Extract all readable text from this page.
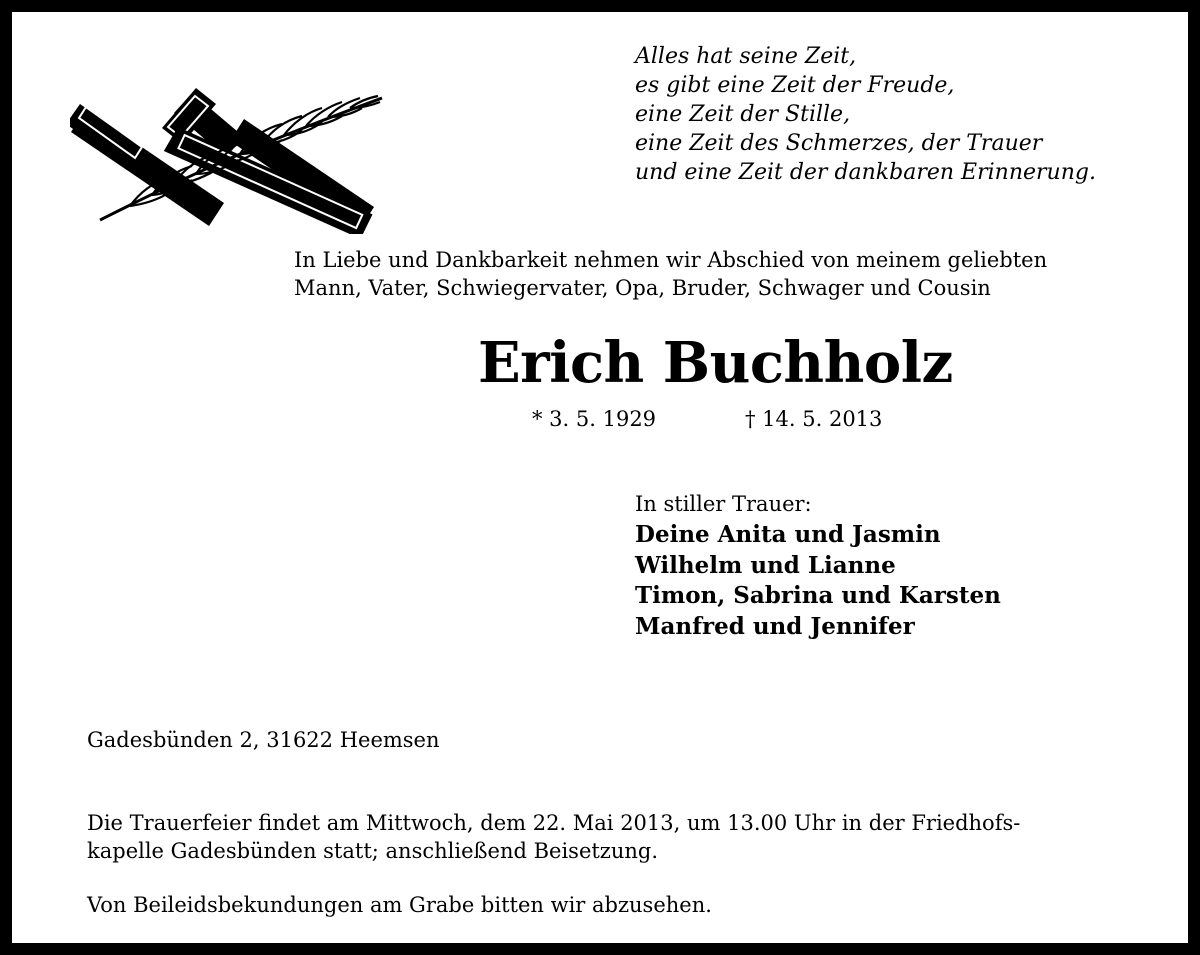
Alles hat seine Zeit,
es gibt eine Zeit der Freude,
eine Zeit der Stille,
eine Zeit des Schmerzes, der Trauer
und eine Zeit der dankbaren Erinnerung.
In Liebe und Dankbarkeit nehmen wir Abschied von meinem geliebten
Mann, Vater, Schwiegervater, Opa, Bruder, Schwager und Cousin
Erich Buchholz
* 3. 5. 1929	† 14. 5. 2013
In stiller Trauer:
Deine Anita und Jasmin
Wilhelm und Lianne
Timon, Sabrina und Karsten
Manfred und Jennifer
Gadesbünden 2, 31622 Heemsen
Die Trauerfeier findet am Mittwoch, dem 22. Mai 2013, um 13.00 Uhr in der Friedhofs-
kapelle Gadesbünden statt; anschließend Beisetzung.
Von Beileidsbekundungen am Grabe bitten wir abzusehen.
